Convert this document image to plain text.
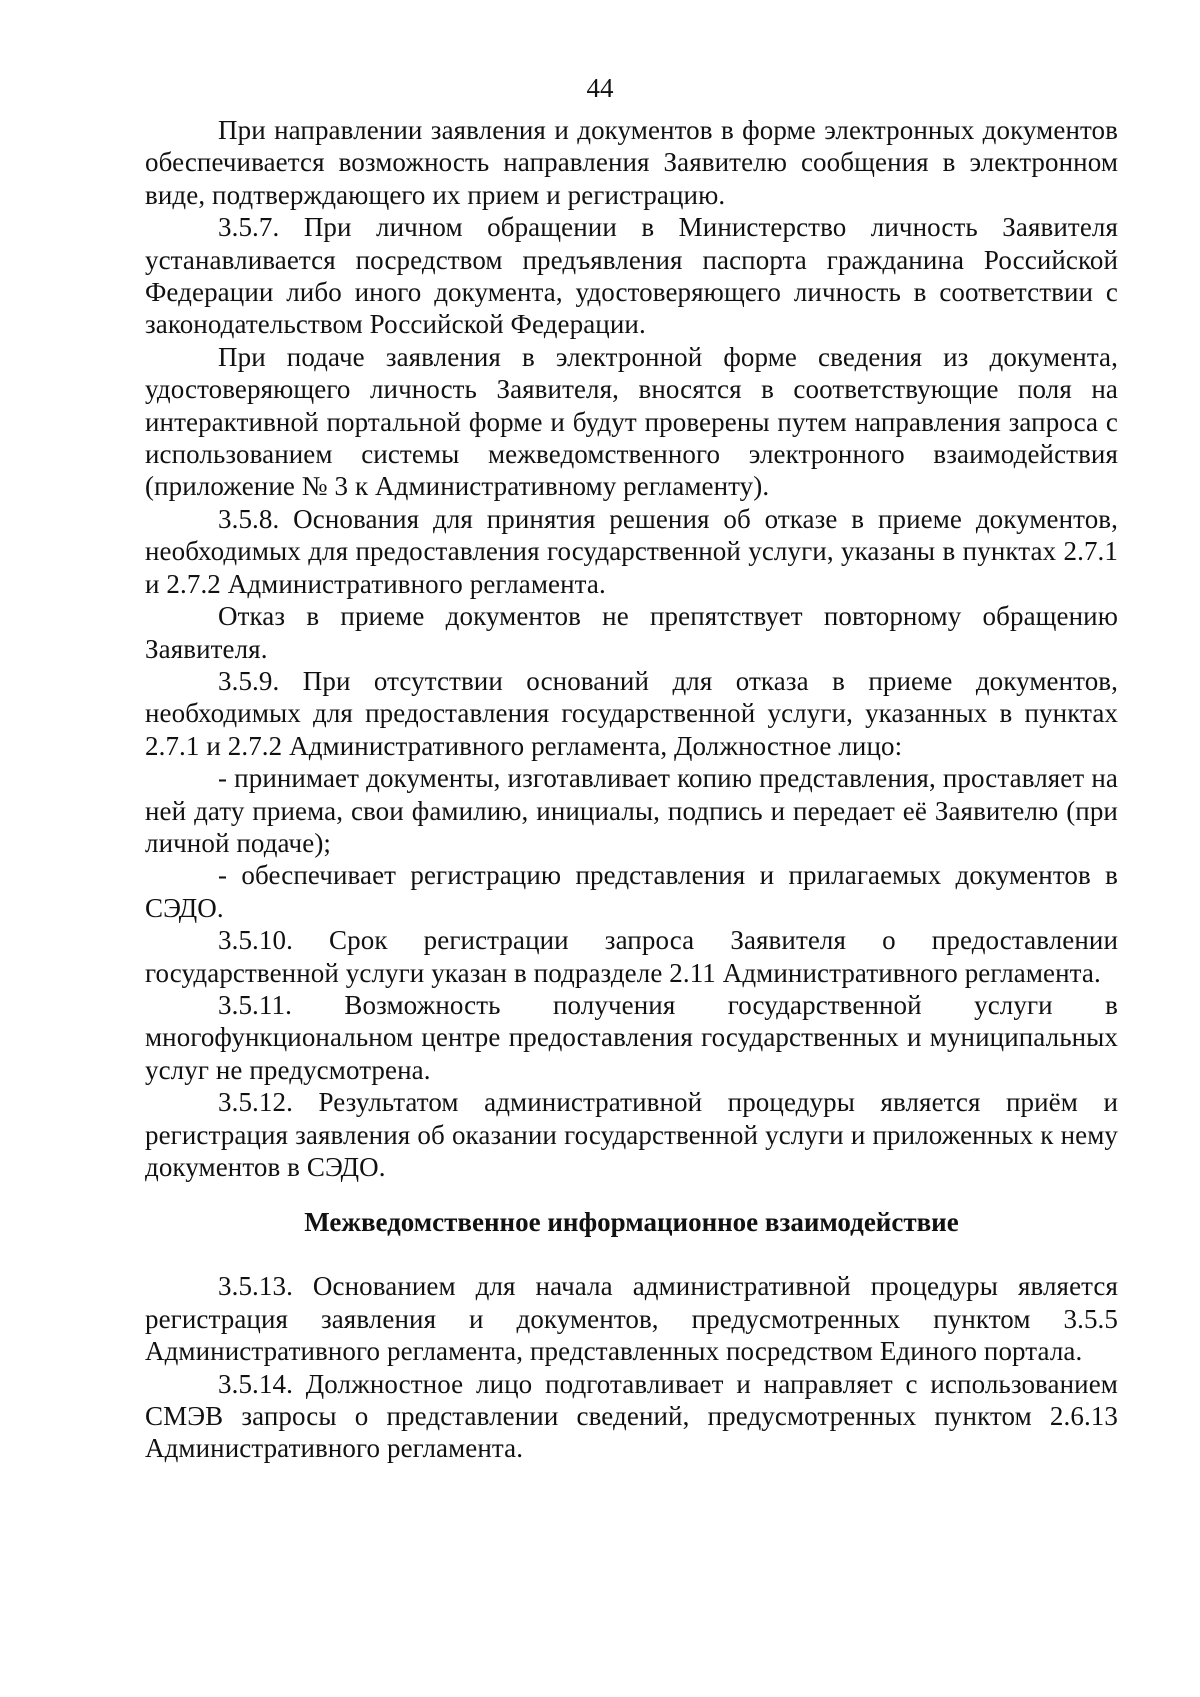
44

При направлении заявления и документов в форме электронных документов обеспечивается возможность направления Заявителю сообщения в электронном виде, подтверждающего их прием и регистрацию.

3.5.7. При личном обращении в Министерство личность Заявителя устанавливается посредством предъявления паспорта гражданина Российской Федерации либо иного документа, удостоверяющего личность в соответствии с законодательством Российской Федерации.

При подаче заявления в электронной форме сведения из документа, удостоверяющего личность Заявителя, вносятся в соответствующие поля на интерактивной портальной форме и будут проверены путем направления запроса с использованием системы межведомственного электронного взаимодействия (приложение № 3 к Административному регламенту).

3.5.8. Основания для принятия решения об отказе в приеме документов, необходимых для предоставления государственной услуги, указаны в пунктах 2.7.1 и 2.7.2 Административного регламента.

Отказ в приеме документов не препятствует повторному обращению Заявителя.

3.5.9. При отсутствии оснований для отказа в приеме документов, необходимых для предоставления государственной услуги, указанных в пунктах 2.7.1 и 2.7.2 Административного регламента, Должностное лицо:

- принимает документы, изготавливает копию представления, проставляет на ней дату приема, свои фамилию, инициалы, подпись и передает её Заявителю (при личной подаче);

- обеспечивает регистрацию представления и прилагаемых документов в СЭДО.

3.5.10. Срок регистрации запроса Заявителя о предоставлении государственной услуги указан в подразделе 2.11 Административного регламента.

3.5.11. Возможность получения государственной услуги в многофункциональном центре предоставления государственных и муниципальных услуг не предусмотрена.

3.5.12. Результатом административной процедуры является приём и регистрация заявления об оказании государственной услуги и приложенных к нему документов в СЭДО.

Межведомственное информационное взаимодействие

3.5.13. Основанием для начала административной процедуры является регистрация заявления и документов, предусмотренных пунктом 3.5.5 Административного регламента, представленных посредством Единого портала.

3.5.14. Должностное лицо подготавливает и направляет с использованием СМЭВ запросы о представлении сведений, предусмотренных пунктом 2.6.13 Административного регламента.
